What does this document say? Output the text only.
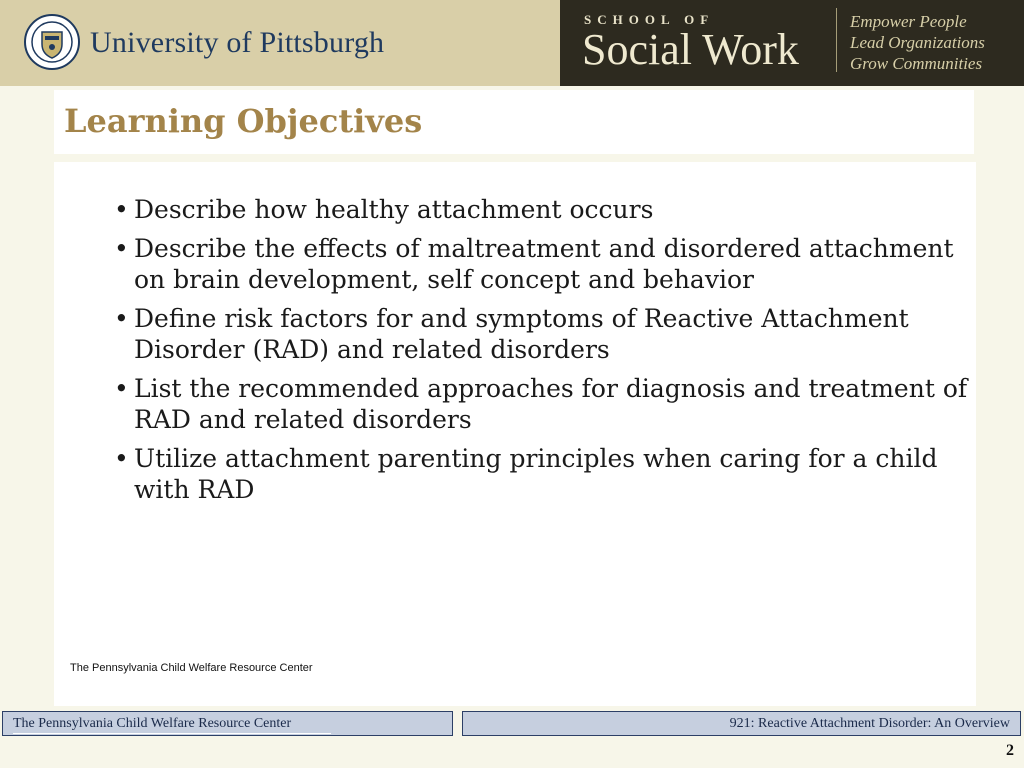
University of Pittsburgh
SCHOOL OF
Social Work
Empower People
Lead Organizations
Grow Communities
Learning Objectives
• Describe how healthy attachment occurs
• Describe the effects of maltreatment and disordered attachment on brain development, self concept and behavior
• Define risk factors for and symptoms of Reactive Attachment Disorder (RAD) and related disorders
• List the recommended approaches for diagnosis and treatment of RAD and related disorders
• Utilize attachment parenting principles when caring for a child with RAD
The Pennsylvania Child Welfare Resource Center
The Pennsylvania Child Welfare Resource Center	921: Reactive Attachment Disorder: An Overview
2
